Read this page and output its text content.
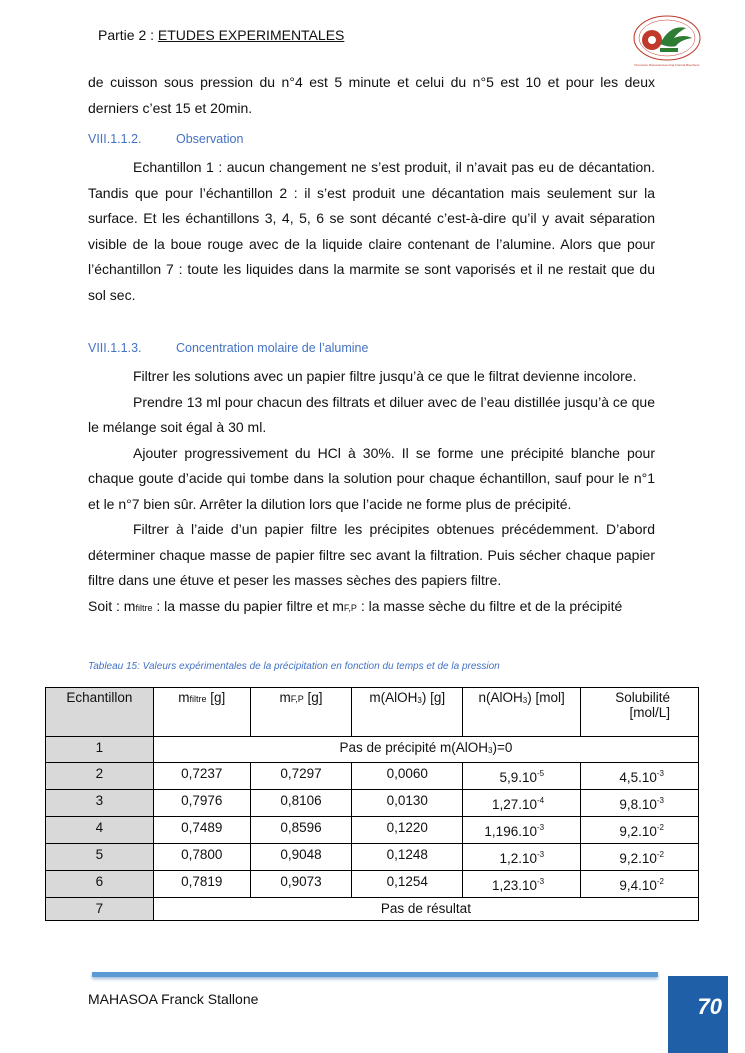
Partie 2 : ETUDES EXPERIMENTALES
Promotion Ramanantsoa Anja Francia Boucherie

de cuisson sous pression du n°4 est 5 minute et celui du n°5 est 10 et pour les deux derniers c’est 15 et 20min.

VIII.1.1.2.	Observation

Echantillon 1 : aucun changement ne s’est produit, il n’avait pas eu de décantation. Tandis que pour l’échantillon 2 : il s’est produit une décantation mais seulement sur la surface. Et les échantillons 3, 4, 5, 6 se sont décanté c’est-à-dire qu’il y avait séparation visible de la boue rouge avec de la liquide claire contenant de l’alumine. Alors que pour l’échantillon 7 : toute les liquides dans la marmite se sont vaporisés et il ne restait que du sol sec.

VIII.1.1.3.	Concentration molaire de l’alumine

Filtrer les solutions avec un papier filtre jusqu’à ce que le filtrat devienne incolore.

Prendre 13 ml pour chacun des filtrats et diluer avec de l’eau distillée jusqu’à ce que le mélange soit égal à 30 ml.

Ajouter progressivement du HCl à 30%. Il se forme une précipité blanche pour chaque goute d’acide qui tombe dans la solution pour chaque échantillon, sauf pour le n°1 et le n°7 bien sûr. Arrêter la dilution lors que l’acide ne forme plus de précipité.

Filtrer à l’aide d’un papier filtre les précipites obtenues précédemment. D’abord déterminer chaque masse de papier filtre sec avant la filtration. Puis sécher chaque papier filtre dans une étuve et peser les masses sèches des papiers filtre.

Soit : mfiltre : la masse du papier filtre et mF,P : la masse sèche du filtre et de la précipité

Tableau 15: Valeurs expérimentales de la précipitation en fonction du temps et de la pression
Echantillon	mfiltre [g]	mF,P [g]	m(AlOH$_3$) [g]	n(AlOH$_3$) [mol]	Solubilité
[mol/L]
1	Pas de précipité m(AlOH$_3$)=0				
2	0,7237	0,7297	0,0060	$5,9.10^{-5}$	$4,5.10^{-3}$
3	0,7976	0,8106	0,0130	$1,27.10^{-4}$	$9,8.10^{-3}$
4	0,7489	0,8596	0,1220	$1,196.10^{-3}$	$9,2.10^{-2}$
5	0,7800	0,9048	0,1248	$1,2.10^{-3}$	$9,2.10^{-2}$
6	0,7819	0,9073	0,1254	$1,23.10^{-3}$	$9,4.10^{-2}$
7	Pas de résultat				
MAHASOA Franck Stallone	70
